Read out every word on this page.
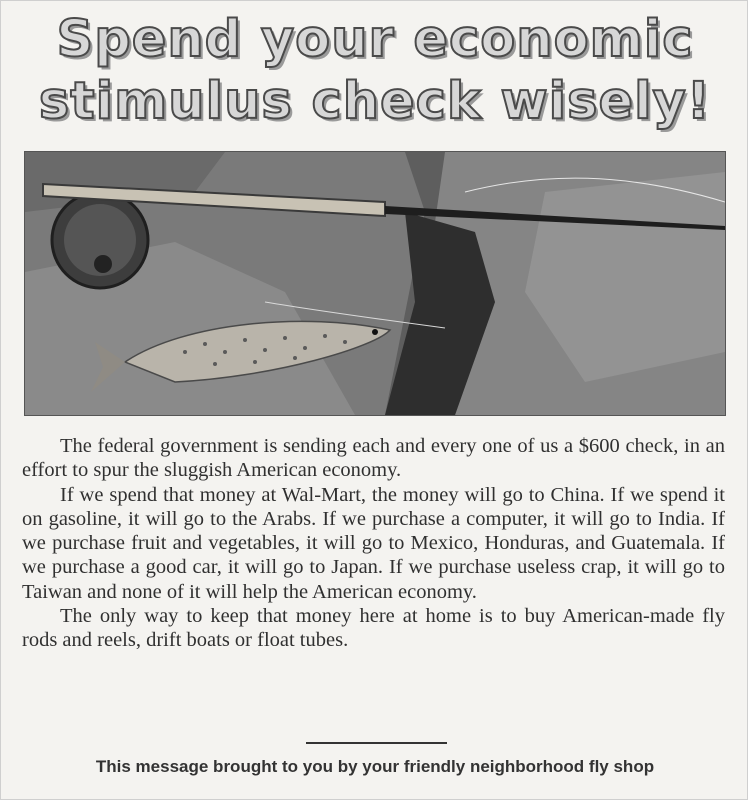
Spend your economic
stimulus check wisely!

The federal government is sending each and every one of us a $600 check, in an effort to spur the sluggish American economy.

If we spend that money at Wal-Mart, the money will go to China. If we spend it on gasoline, it will go to the Arabs. If we purchase a computer, it will go to India. If we purchase fruit and vegetables, it will go to Mexico, Honduras, and Guatemala. If we purchase a good car, it will go to Japan. If we purchase useless crap, it will go to Taiwan and none of it will help the American economy.

The only way to keep that money here at home is to buy American-made fly rods and reels, drift boats or float tubes.

This message brought to you by your friendly neighborhood fly shop
